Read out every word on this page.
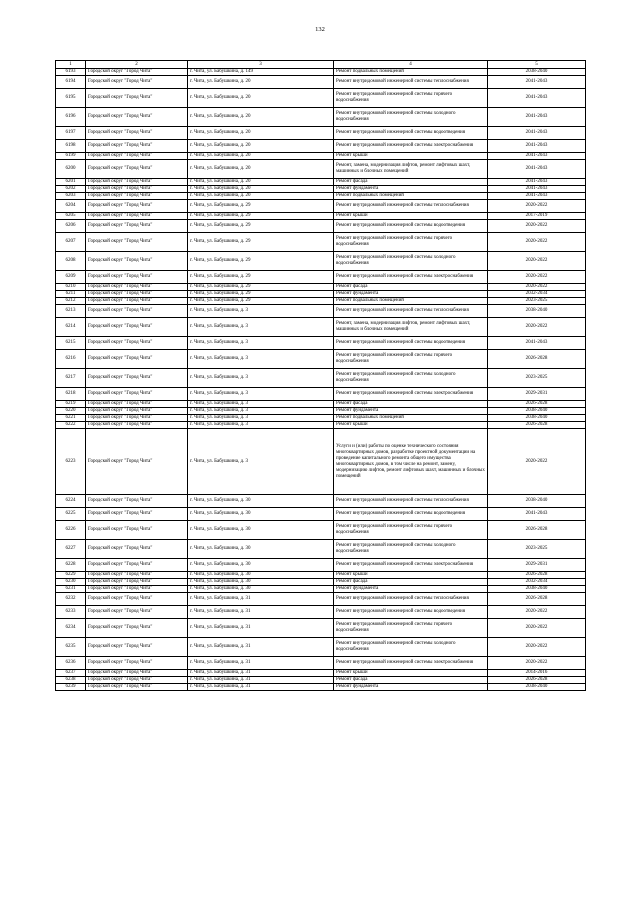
132
1	2	3	4	5
6193	Городской округ "Город Чита"	г. Чита, ул. Бабушкина, д. 149	Ремонт подвальных помещений	2038-2040
6194	Городской округ "Город Чита"	г. Чита, ул. Бабушкина, д. 20	Ремонт внутридомовой инженерной системы теплоснабжения	2041-2043
6195	Городской округ "Город Чита"	г. Чита, ул. Бабушкина, д. 20	Ремонт внутридомовой инженерной системы горячего водоснабжения	2041-2043
6196	Городской округ "Город Чита"	г. Чита, ул. Бабушкина, д. 20	Ремонт внутридомовой инженерной системы холодного водоснабжения	2041-2043
6197	Городской округ "Город Чита"	г. Чита, ул. Бабушкина, д. 20	Ремонт внутридомовой инженерной системы водоотведения	2041-2043
6198	Городской округ "Город Чита"	г. Чита, ул. Бабушкина, д. 20	Ремонт внутридомовой инженерной системы электроснабжения	2041-2043
6199	Городской округ "Город Чита"	г. Чита, ул. Бабушкина, д. 20	Ремонт крыши	2041-2043
6200	Городской округ "Город Чита"	г. Чита, ул. Бабушкина, д. 20	Ремонт, замена, модернизация лифтов, ремонт лифтовых шахт, машинных и блочных помещений	2041-2043
6201	Городской округ "Город Чита"	г. Чита, ул. Бабушкина, д. 20	Ремонт фасада	2041-2043
6202	Городской округ "Город Чита"	г. Чита, ул. Бабушкина, д. 20	Ремонт фундамента	2041-2043
6203	Городской округ "Город Чита"	г. Чита, ул. Бабушкина, д. 20	Ремонт подвальных помещений	2041-2043
6204	Городской округ "Город Чита"	г. Чита, ул. Бабушкина, д. 29	Ремонт внутридомовой инженерной системы теплоснабжения	2020-2022
6205	Городской округ "Город Чита"	г. Чита, ул. Бабушкина, д. 29	Ремонт крыши	2017-2019
6206	Городской округ "Город Чита"	г. Чита, ул. Бабушкина, д. 29	Ремонт внутридомовой инженерной системы водоотведения	2020-2022
6207	Городской округ "Город Чита"	г. Чита, ул. Бабушкина, д. 29	Ремонт внутридомовой инженерной системы горячего водоснабжения	2020-2022
6208	Городской округ "Город Чита"	г. Чита, ул. Бабушкина, д. 29	Ремонт внутридомовой инженерной системы холодного водоснабжения	2020-2022
6209	Городской округ "Город Чита"	г. Чита, ул. Бабушкина, д. 29	Ремонт внутридомовой инженерной системы электроснабжения	2020-2022
6210	Городской округ "Город Чита"	г. Чита, ул. Бабушкина, д. 29	Ремонт фасада	2020-2022
6211	Городской округ "Город Чита"	г. Чита, ул. Бабушкина, д. 29	Ремонт фундамента	2032-2034
6212	Городской округ "Город Чита"	г. Чита, ул. Бабушкина, д. 29	Ремонт подвальных помещений	2023-2025
6213	Городской округ "Город Чита"	г. Чита, ул. Бабушкина, д. 3	Ремонт внутридомовой инженерной системы теплоснабжения	2038-2040
6214	Городской округ "Город Чита"	г. Чита, ул. Бабушкина, д. 3	Ремонт, замена, модернизация лифтов, ремонт лифтовых шахт, машинных и блочных помещений	2020-2022
6215	Городской округ "Город Чита"	г. Чита, ул. Бабушкина, д. 3	Ремонт внутридомовой инженерной системы водоотведения	2041-2043
6216	Городской округ "Город Чита"	г. Чита, ул. Бабушкина, д. 3	Ремонт внутридомовой инженерной системы горячего водоснабжения	2026-2028
6217	Городской округ "Город Чита"	г. Чита, ул. Бабушкина, д. 3	Ремонт внутридомовой инженерной системы холодного водоснабжения	2023-2025
6218	Городской округ "Город Чита"	г. Чита, ул. Бабушкина, д. 3	Ремонт внутридомовой инженерной системы электроснабжения	2029-2031
6219	Городской округ "Город Чита"	г. Чита, ул. Бабушкина, д. 3	Ремонт фасада	2026-2028
6220	Городской округ "Город Чита"	г. Чита, ул. Бабушкина, д. 3	Ремонт фундамента	2038-2040
6221	Городской округ "Город Чита"	г. Чита, ул. Бабушкина, д. 3	Ремонт подвальных помещений	2038-2040
6222	Городской округ "Город Чита"	г. Чита, ул. Бабушкина, д. 3	Ремонт крыши	2026-2028
6223	Городской округ "Город Чита"	г. Чита, ул. Бабушкина, д. 3	Услуги и (или) работы по оценке технического состояния многоквартирных домов, разработке проектной документации на проведение капитального ремонта общего имущества многоквартирных домов, в том числе на ремонт, замену, модернизацию лифтов, ремонт лифтовых шахт, машинных и блочных помещений	2020-2022
6224	Городской округ "Город Чита"	г. Чита, ул. Бабушкина, д. 30	Ремонт внутридомовой инженерной системы теплоснабжения	2038-2040
6225	Городской округ "Город Чита"	г. Чита, ул. Бабушкина, д. 30	Ремонт внутридомовой инженерной системы водоотведения	2041-2043
6226	Городской округ "Город Чита"	г. Чита, ул. Бабушкина, д. 30	Ремонт внутридомовой инженерной системы горячего водоснабжения	2026-2028
6227	Городской округ "Город Чита"	г. Чита, ул. Бабушкина, д. 30	Ремонт внутридомовой инженерной системы холодного водоснабжения	2023-2025
6228	Городской округ "Город Чита"	г. Чита, ул. Бабушкина, д. 30	Ремонт внутридомовой инженерной системы электроснабжения	2029-2031
6229	Городской округ "Город Чита"	г. Чита, ул. Бабушкина, д. 30	Ремонт крыши	2026-2028
6230	Городской округ "Город Чита"	г. Чита, ул. Бабушкина, д. 30	Ремонт фасада	2032-2034
6231	Городской округ "Город Чита"	г. Чита, ул. Бабушкина, д. 30	Ремонт фундамента	2038-2040
6232	Городской округ "Город Чита"	г. Чита, ул. Бабушкина, д. 31	Ремонт внутридомовой инженерной системы теплоснабжения	2026-2028
6233	Городской округ "Город Чита"	г. Чита, ул. Бабушкина, д. 31	Ремонт внутридомовой инженерной системы водоотведения	2020-2022
6234	Городской округ "Город Чита"	г. Чита, ул. Бабушкина, д. 31	Ремонт внутридомовой инженерной системы горячего водоснабжения	2020-2022
6235	Городской округ "Город Чита"	г. Чита, ул. Бабушкина, д. 31	Ремонт внутридомовой инженерной системы холодного водоснабжения	2020-2022
6236	Городской округ "Город Чита"	г. Чита, ул. Бабушкина, д. 31	Ремонт внутридомовой инженерной системы электроснабжения	2020-2022
6237	Городской округ "Город Чита"	г. Чита, ул. Бабушкина, д. 31	Ремонт крыши	2014-2016
6238	Городской округ "Город Чита"	г. Чита, ул. Бабушкина, д. 31	Ремонт фасада	2026-2028
6239	Городской округ "Город Чита"	г. Чита, ул. Бабушкина, д. 31	Ремонт фундамента	2038-2040
